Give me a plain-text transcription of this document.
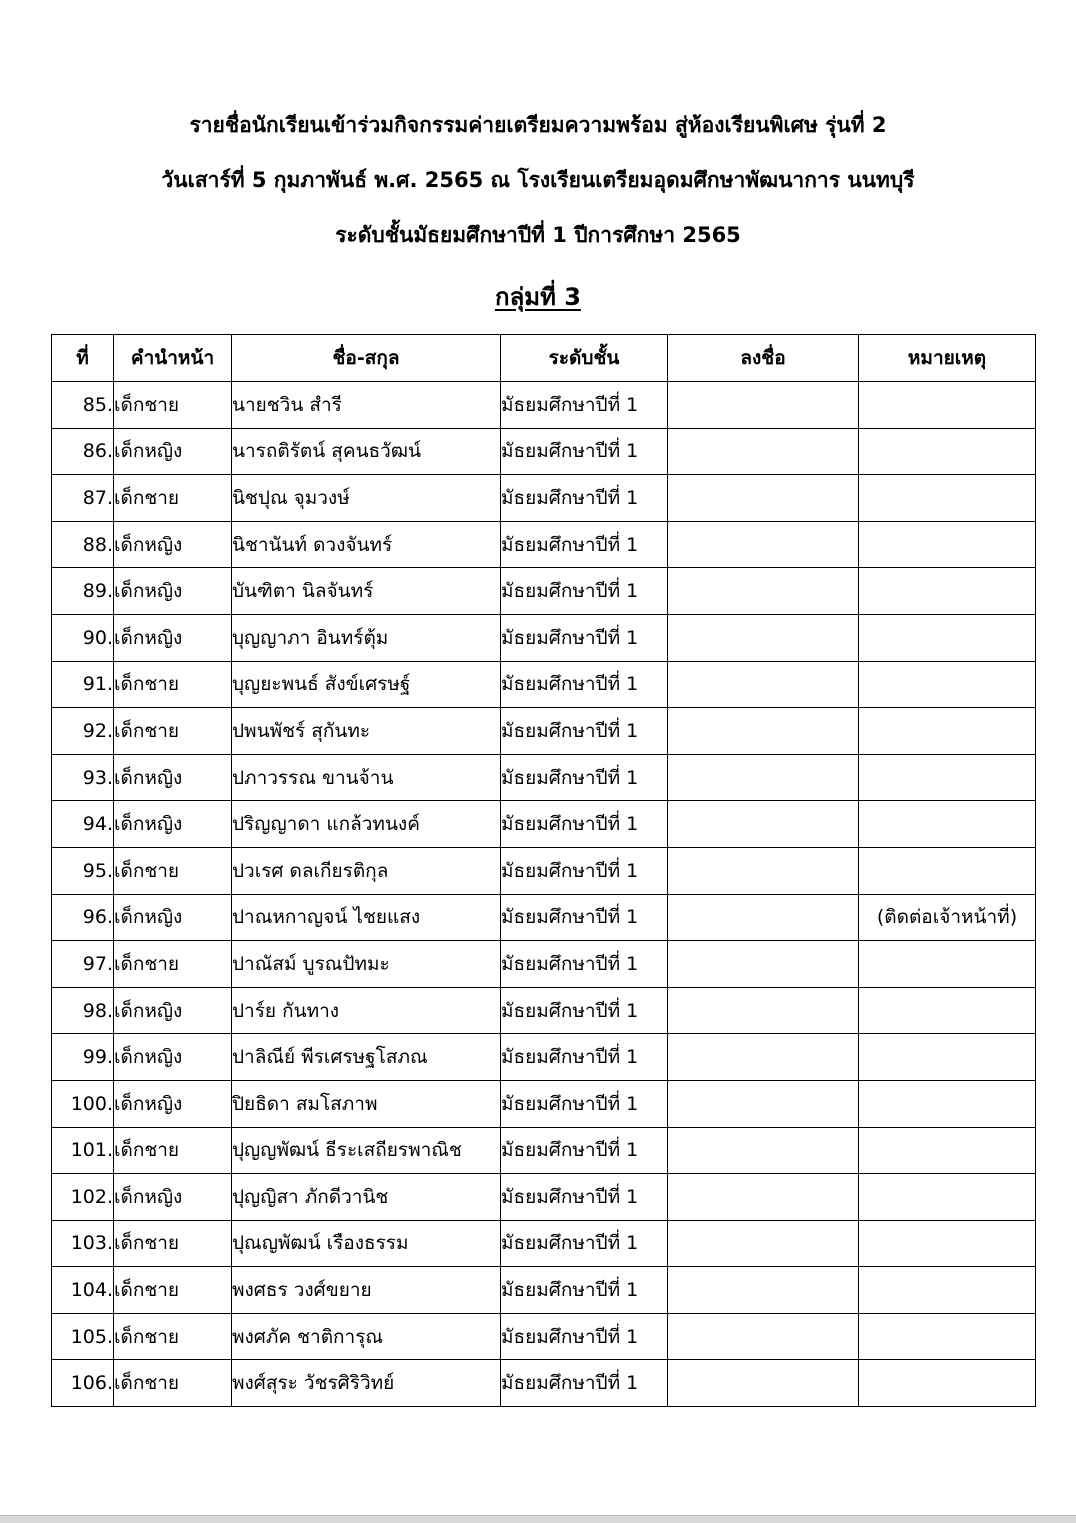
รายชื่อนักเรียนเข้าร่วมกิจกรรมค่ายเตรียมความพร้อม สู่ห้องเรียนพิเศษ รุ่นที่ 2
วันเสาร์ที่ 5 กุมภาพันธ์ พ.ศ. 2565 ณ โรงเรียนเตรียมอุดมศึกษาพัฒนาการ นนทบุรี
ระดับชั้นมัธยมศึกษาปีที่ 1 ปีการศึกษา 2565
กลุ่มที่ 3
ที่	คำนำหน้า	ชื่อ-สกุล	ระดับชั้น	ลงชื่อ	หมายเหตุ
85.	เด็กชาย	นายชวิน สำรี	มัธยมศึกษาปีที่ 1		
86.	เด็กหญิง	นารถติรัตน์ สุคนธวัฒน์	มัธยมศึกษาปีที่ 1		
87.	เด็กชาย	นิชปุณ จุมวงษ์	มัธยมศึกษาปีที่ 1		
88.	เด็กหญิง	นิชานันท์ ดวงจันทร์	มัธยมศึกษาปีที่ 1		
89.	เด็กหญิง	บันฑิตา นิลจันทร์	มัธยมศึกษาปีที่ 1		
90.	เด็กหญิง	บุญญาภา อินทร์ตุ้ม	มัธยมศึกษาปีที่ 1		
91.	เด็กชาย	บุญยะพนธ์ สังข์เศรษฐ์	มัธยมศึกษาปีที่ 1		
92.	เด็กชาย	ปพนพัชร์ สุกันทะ	มัธยมศึกษาปีที่ 1		
93.	เด็กหญิง	ปภาวรรณ ขานจ้าน	มัธยมศึกษาปีที่ 1		
94.	เด็กหญิง	ปริญญาดา แกล้วทนงค์	มัธยมศึกษาปีที่ 1		
95.	เด็กชาย	ปวเรศ ดลเกียรติกุล	มัธยมศึกษาปีที่ 1		
96.	เด็กหญิง	ปาณหกาญจน์ ไชยแสง	มัธยมศึกษาปีที่ 1		(ติดต่อเจ้าหน้าที่)
97.	เด็กชาย	ปาณัสม์ บูรณปัทมะ	มัธยมศึกษาปีที่ 1		
98.	เด็กหญิง	ปาร์ย กันทาง	มัธยมศึกษาปีที่ 1		
99.	เด็กหญิง	ปาลิณีย์ พีรเศรษฐโสภณ	มัธยมศึกษาปีที่ 1		
100.	เด็กหญิง	ปิยธิดา สมโสภาพ	มัธยมศึกษาปีที่ 1		
101.	เด็กชาย	ปุญญพัฒน์ ธีระเสถียรพาณิช	มัธยมศึกษาปีที่ 1		
102.	เด็กหญิง	ปุญญิสา ภักดีวานิช	มัธยมศึกษาปีที่ 1		
103.	เด็กชาย	ปุณญพัฒน์ เรืองธรรม	มัธยมศึกษาปีที่ 1		
104.	เด็กชาย	พงศธร วงศ์ขยาย	มัธยมศึกษาปีที่ 1		
105.	เด็กชาย	พงศภัค ชาติการุณ	มัธยมศึกษาปีที่ 1		
106.	เด็กชาย	พงศ์สุระ วัชรศิริวิทย์	มัธยมศึกษาปีที่ 1		
